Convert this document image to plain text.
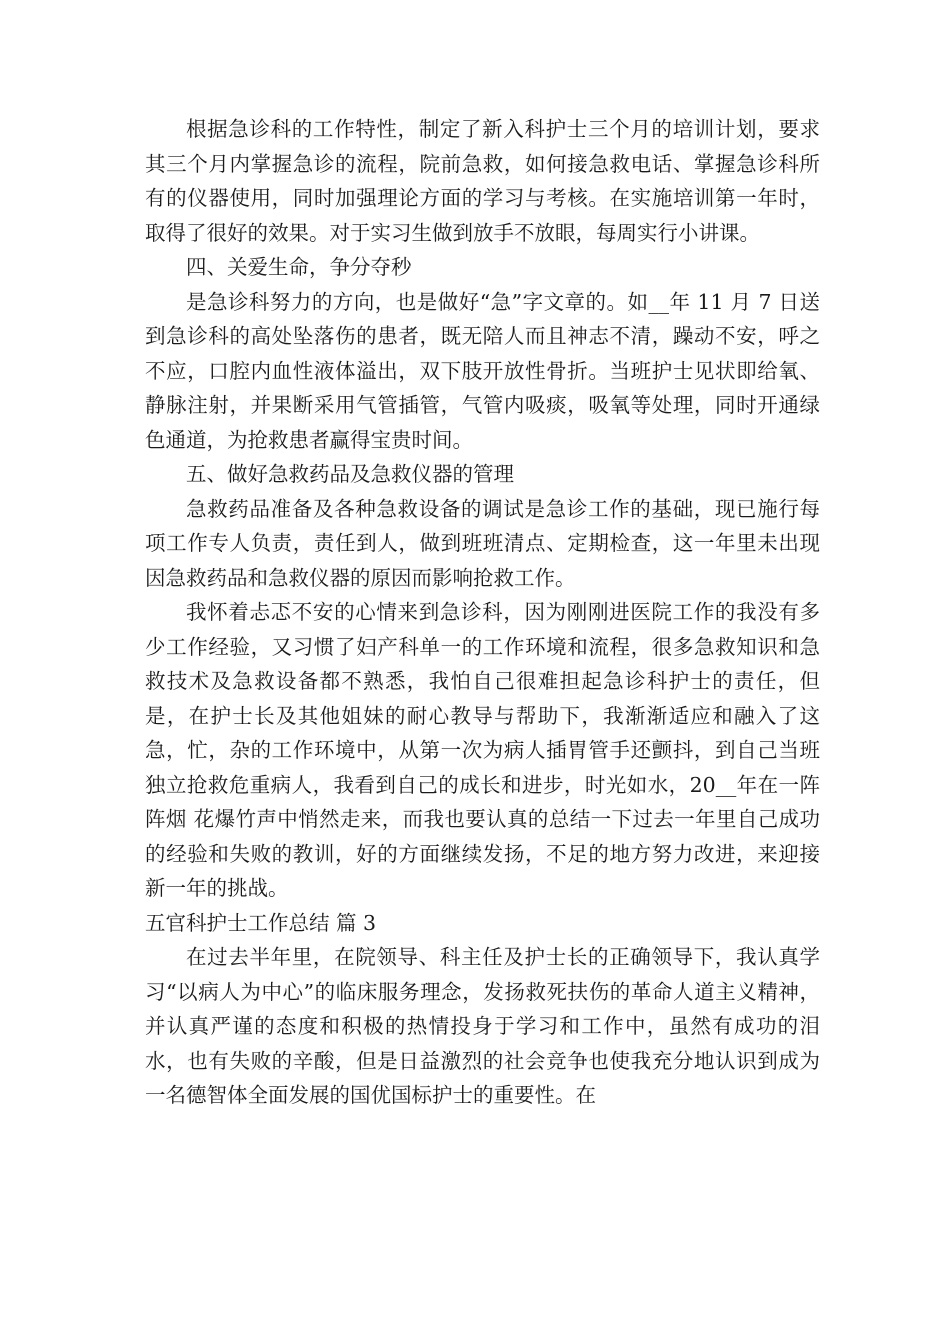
根据急诊科的工作特性，制定了新入科护士三个月的培训计划，要求其三个月内掌握急诊的流程，院前急救，如何接急救电话、掌握急诊科所有的仪器使用，同时加强理论方面的学习与考核。在实施培训第一年时，取得了很好的效果。对于实习生做到放手不放眼，每周实行小讲课。

四、关爱生命，争分夺秒

是急诊科努力的方向，也是做好“急”字文章的。如__年 11 月 7 日送到急诊科的高处坠落伤的患者，既无陪人而且神志不清，躁动不安，呼之不应，口腔内血性液体溢出，双下肢开放性骨折。当班护士见状即给氧、静脉注射，并果断采用气管插管，气管内吸痰，吸氧等处理，同时开通绿色通道，为抢救患者赢得宝贵时间。

五、做好急救药品及急救仪器的管理

急救药品准备及各种急救设备的调试是急诊工作的基础，现已施行每项工作专人负责，责任到人，做到班班清点、定期检查，这一年里未出现因急救药品和急救仪器的原因而影响抢救工作。

我怀着忐忑不安的心情来到急诊科，因为刚刚进医院工作的我没有多少工作经验，又习惯了妇产科单一的工作环境和流程，很多急救知识和急救技术及急救设备都不熟悉，我怕自己很难担起急诊科护士的责任，但是，在护士长及其他姐妹的耐心教导与帮助下，我渐渐适应和融入了这急，忙，杂的工作环境中，从第一次为病人插胃管手还颤抖，到自己当班独立抢救危重病人，我看到自己的成长和进步，时光如水，20__年在一阵阵烟 花爆竹声中悄然走来，而我也要认真的总结一下过去一年里自己成功的经验和失败的教训，好的方面继续发扬，不足的地方努力改进，来迎接新一年的挑战。

五官科护士工作总结 篇 3

在过去半年里，在院领导、科主任及护士长的正确领导下，我认真学习“以病人为中心”的临床服务理念，发扬救死扶伤的革命人道主义精神，并认真严谨的态度和积极的热情投身于学习和工作中，虽然有成功的泪水，也有失败的辛酸，但是日益激烈的社会竞争也使我充分地认识到成为一名德智体全面发展的国优国标护士的重要性。在
